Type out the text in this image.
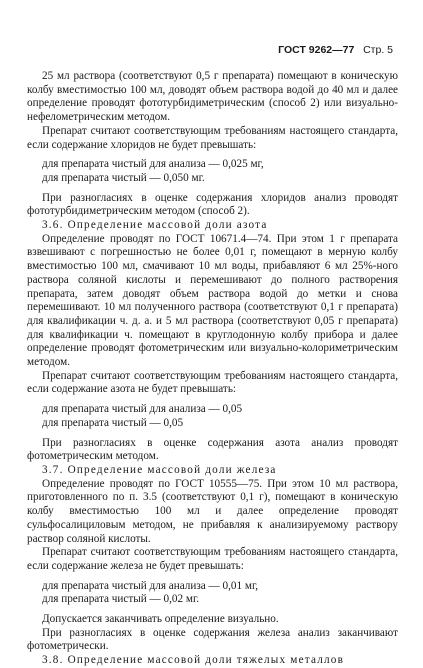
ГОСТ 9262—77 Стр. 5

25 мл раствора (соответствуют 0,5 г препарата) помещают в коническую колбу вместимостью 100 мл, доводят объем раствора водой до 40 мл и далее определение проводят фототурбидиметрическим (способ 2) или визуально-нефелометрическим методом.

Препарат считают соответствующим требованиям настоящего стандарта, если содержание хлоридов не будет превышать:

для препарата чистый для анализа — 0,025 мг,

для препарата чистый — 0,050 мг.

При разногласиях в оценке содержания хлоридов анализ проводят фототурбидиметрическим методом (способ 2).

3.6. Определение массовой доли азота

Определение проводят по ГОСТ 10671.4—74. При этом 1 г препарата взвешивают с погрешностью не более 0,01 г, помещают в мерную колбу вместимостью 100 мл, смачивают 10 мл воды, прибавляют 6 мл 25%-ного раствора соляной кислоты и перемешивают до полного растворения препарата, затем доводят объем раствора водой до метки и снова перемешивают. 10 мл полученного раствора (соответствуют 0,1 г препарата) для квалификации ч. д. а. и 5 мл раствора (соответствуют 0,05 г препарата) для квалификации ч. помещают в круглодонную колбу прибора и далее определение проводят фотометрическим или визуально-колориметрическим методом.

Препарат считают соответствующим требованиям настоящего стандарта, если содержание азота не будет превышать:

для препарата чистый для анализа — 0,05

для препарата чистый — 0,05

При разногласиях в оценке содержания азота анализ проводят фотометрическим методом.

3.7. Определение массовой доли железа

Определение проводят по ГОСТ 10555—75. При этом 10 мл раствора, приготовленного по п. 3.5 (соответствуют 0,1 г), помещают в коническую колбу вместимостью 100 мл и далее определение проводят сульфосалициловым методом, не прибавляя к анализируемому раствору раствор соляной кислоты.

Препарат считают соответствующим требованиям настоящего стандарта, если содержание железа не будет превышать:

для препарата чистый для анализа — 0,01 мг,

для препарата чистый — 0,02 мг.

Допускается заканчивать определение визуально.

При разногласиях в оценке содержания железа анализ заканчивают фотометрически.

3.8. Определение массовой доли тяжелых металлов
